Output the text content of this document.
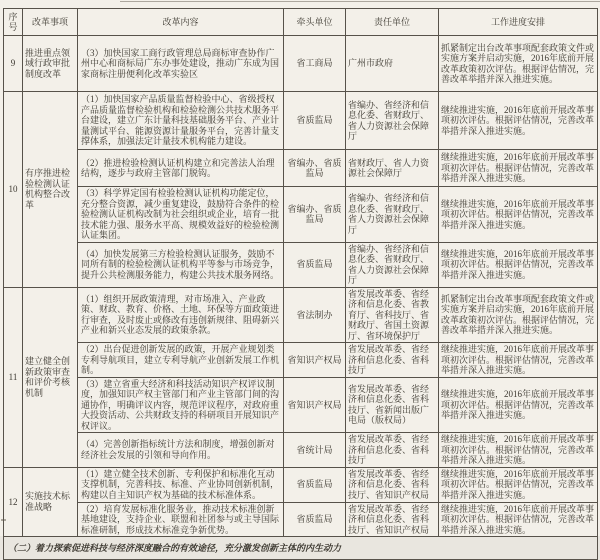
序号	改革事项	改革内容	牵头单位	责任单位	工作进度安排
9	推进重点领域行政审批制度改革	（3）加快国家工商行政管理总局商标审查协作广州中心和商标局广东办事处建设，推动广东成为国家商标注册便利化改革实验区	省工商局	广州市政府	抓紧制定出台改革事项配套政策文件或实施方案并启动实施，2016年底前开展改革政策初次评估。根据评估情况，完善改革举措并深入推进实施。
10	有序推进检验检测认证机构整合改革	（1）加快国家产品质量监督检验中心、省级授权产品质量监督检验机构和检验检测公共技术服务平台建设，建立广东计量科技基础服务平台、产业计量测试平台、能源资源计量服务平台，完善计量支撑体系，加强法定计量技术机构能力建设。	省质监局	省编办、省经济和信息化委、省财政厅、省人力资源社会保障厅	继续推进实施，2016年底前开展改革事项初次评估。根据评估情况，完善改革举措并深入推进实施。
		（2）推进检验检测认证机构建立和完善法人治理结构，逐步与政府主管部门脱钩。	省编办、省质监局	省财政厅、省人力资源社会保障厅	继续推进实施，2016年底前开展改革事项初次评估。根据评估情况，完善改革举措并深入推进实施。
		（3）科学界定国有检验检测认证机构功能定位，充分整合资源，减少重复建设，鼓励符合条件的检验检测认证机构改制为社会组织或企业，培育一批技术能力强、服务水平高、规模效益好的检验检测认证集团。	省编办、省质监局	省编办、省经济和信息化委、省财政厅、省人力资源社会保障厅	继续推进实施，2016年底前开展改革事项初次评估。根据评估情况，完善改革举措并深入推进实施。
		（4）加快发展第三方检验检测认证服务，鼓励不同所有制的检验检测认证机构平等参与市场竞争，提升公共检测服务能力，构建公共技术服务网络。	省质监局	省编办、省经济和信息化委、省财政厅、省人力资源社会保障厅	继续推进实施，2016年底前开展改革事项初次评估。根据评估情况，完善改革举措并深入推进实施。
11	建立健全创新政策审查和评价考核机制	（1）组织开展政策清理，对市场准入、产业政策、财政、教育、价格、土地、环保等方面政策进行审查，及时废止或修改有违创新规律、阻碍新兴产业和新兴业态发展的政策条款。	省法制办	省发展改革委、省经济和信息化委、省教育厅、省科技厅、省财政厅、省国土资源厅、省环境保护厅	抓紧制定出台改革事项配套政策文件或实施方案并启动实施，2016年底前开展改革政策初次评估。根据评估情况，完善改革举措并深入推进实施。
		（2）出台促进创新发展的政策，开展产业规划类专利导航项目，建立专利导航产业创新发展工作机制。	省知识产权局	省发展改革委、省经济和信息化委、省科技厅	继续推进实施，2016年底前开展改革事项初次评估。根据评估情况，完善改革举措并深入推进实施。
		（3）建立省重大经济和科技活动知识产权评议制度，加强知识产权主管部门和产业主管部门间的沟通协作，明确评议内容，规范评议程序，对政府重大投资活动、公共财政支持的科研项目开展知识产权评议。	省知识产权局	省发展改革委、省经济和信息化委、省科技厅、省新闻出版广电局（版权局）	继续推进实施，2016年底前开展改革事项初次评估。根据评估情况，完善改革举措并深入推进实施。
		（4）完善创新指标统计方法和制度，增强创新对经济社会发展的引领和导向作用。	省统计局	省发展改革委、省经济和信息化委、省科技厅	继续推进实施，2016年底前开展改革事项初次评估。根据评估情况，完善改革举措并深入推进实施。
12	实施技术标准战略	（1）建立健全技术创新、专利保护和标准化互动支撑机制，完善科技、标准、产业协同创新机制，构建以自主知识产权为基础的技术标准体系。	省质监局	省发展改革委、省经济和信息化委、省科技厅、省知识产权局	继续推进实施，2016年底前开展改革事项初次评估。根据评估情况，完善改革举措并深入推进实施。
		（2）培育发展标准化服务业，推动技术标准创新基地建设，支持企业、联盟和社团参与或主导国际标准研制，形成技术标准竞争新优势。	省质监局	省发展改革委、省经济和信息化委、省科技厅、省知识产权局	继续推进实施，2016年底前开展改革事项初次评估。根据评估情况，完善改革举措并深入推进实施。
（二）着力探索促进科技与经济深度融合的有效途径，充分激发创新主体的内生动力					
